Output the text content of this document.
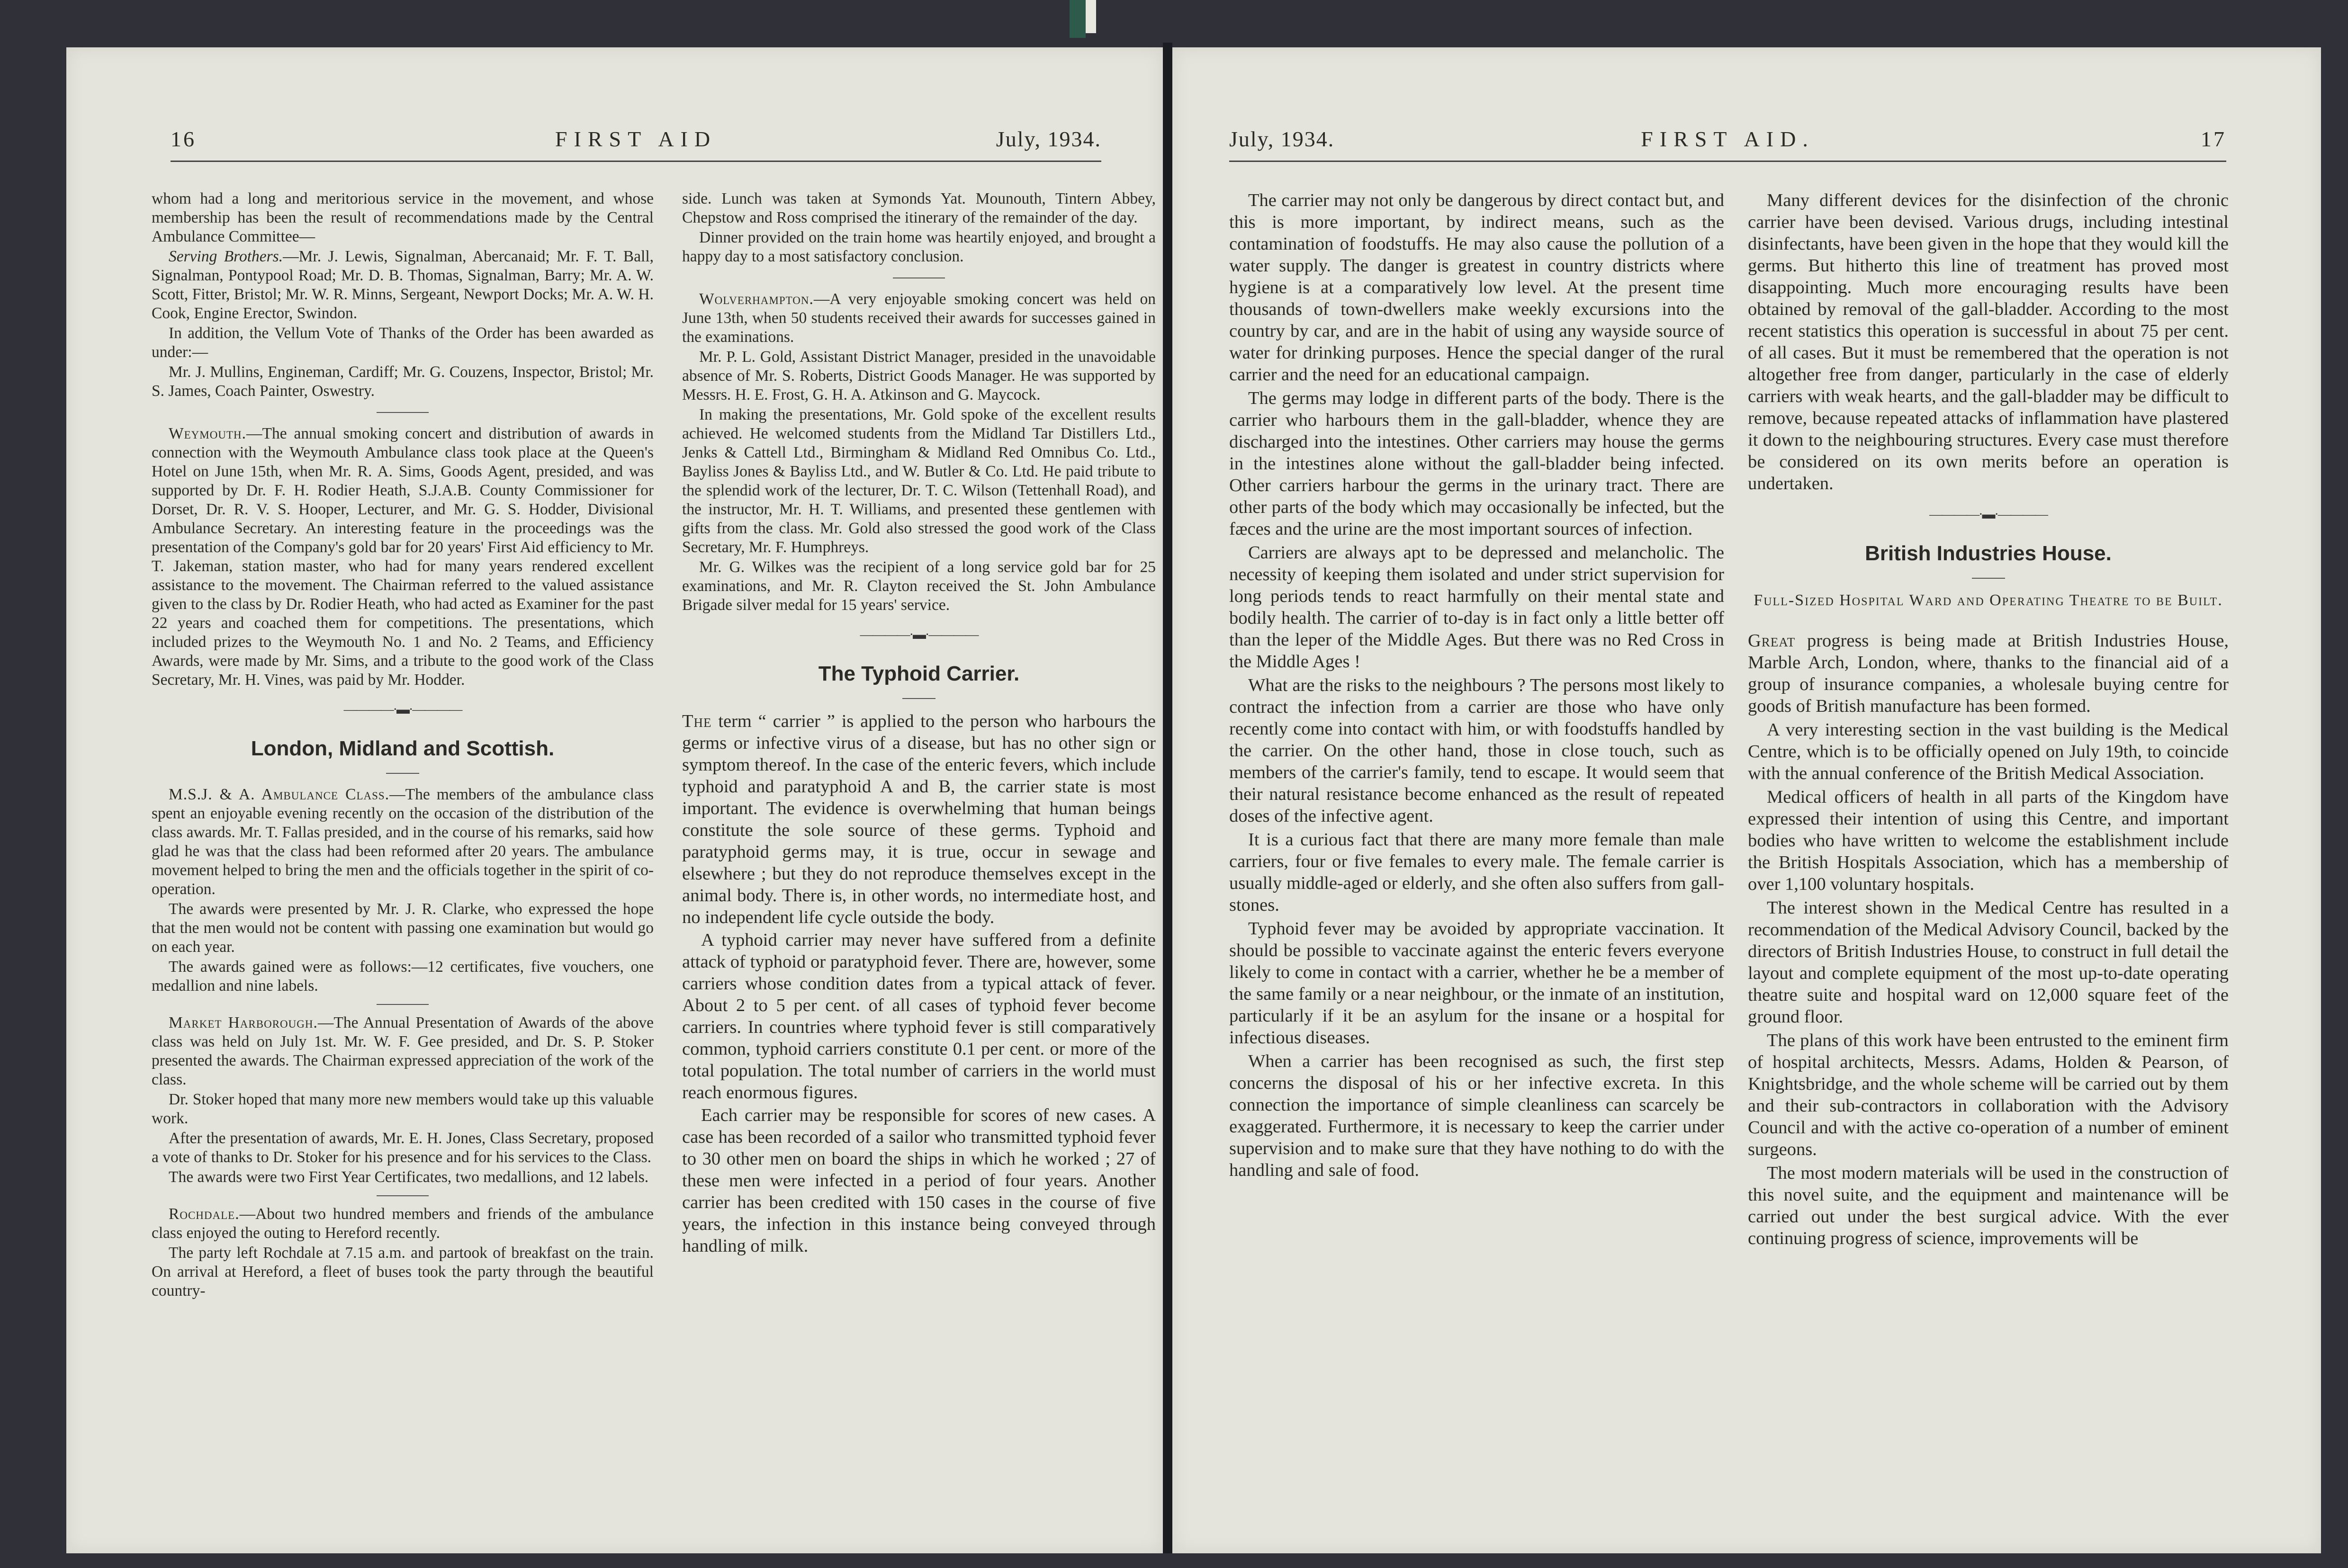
16	FIRST AID	July, 1934.

whom had a long and meritorious service in the movement, and whose membership has been the result of recommendations made by the Central Ambulance Committee—

Serving Brothers.—Mr. J. Lewis, Signalman, Abercanaid; Mr. F. T. Ball, Signalman, Pontypool Road; Mr. D. B. Thomas, Signalman, Barry; Mr. A. W. Scott, Fitter, Bristol; Mr. W. R. Minns, Sergeant, Newport Docks; Mr. A. W. H. Cook, Engine Erector, Swindon.

In addition, the Vellum Vote of Thanks of the Order has been awarded as under:—

Mr. J. Mullins, Engineman, Cardiff; Mr. G. Couzens, Inspector, Bristol; Mr. S. James, Coach Painter, Oswestry.

Weymouth.—The annual smoking concert and distribution of awards in connection with the Weymouth Ambulance class took place at the Queen's Hotel on June 15th, when Mr. R. A. Sims, Goods Agent, presided, and was supported by Dr. F. H. Rodier Heath, S.J.A.B. County Commissioner for Dorset, Dr. R. V. S. Hooper, Lecturer, and Mr. G. S. Hodder, Divisional Ambulance Secretary. An interesting feature in the proceedings was the presentation of the Company's gold bar for 20 years' First Aid efficiency to Mr. T. Jakeman, station master, who had for many years rendered excellent assistance to the movement. The Chairman referred to the valued assistance given to the class by Dr. Rodier Heath, who had acted as Examiner for the past 22 years and coached them for competitions. The presentations, which included prizes to the Weymouth No. 1 and No. 2 Teams, and Efficiency Awards, were made by Mr. Sims, and a tribute to the good work of the Class Secretary, Mr. H. Vines, was paid by Mr. Hodder.

————·▬·————
London, Midland and Scottish.

M.S.J. & A. Ambulance Class.—The members of the ambulance class spent an enjoyable evening recently on the occasion of the distribution of the class awards. Mr. T. Fallas presided, and in the course of his remarks, said how glad he was that the class had been reformed after 20 years. The ambulance movement helped to bring the men and the officials together in the spirit of co-operation.

The awards were presented by Mr. J. R. Clarke, who expressed the hope that the men would not be content with passing one examination but would go on each year.

The awards gained were as follows:—12 certificates, five vouchers, one medallion and nine labels.

Market Harborough.—The Annual Presentation of Awards of the above class was held on July 1st. Mr. W. F. Gee presided, and Dr. S. P. Stoker presented the awards. The Chairman expressed appreciation of the work of the class.

Dr. Stoker hoped that many more new members would take up this valuable work.

After the presentation of awards, Mr. E. H. Jones, Class Secretary, proposed a vote of thanks to Dr. Stoker for his presence and for his services to the Class.

The awards were two First Year Certificates, two medallions, and 12 labels.

Rochdale.—About two hundred members and friends of the ambulance class enjoyed the outing to Hereford recently.

The party left Rochdale at 7.15 a.m. and partook of breakfast on the train. On arrival at Hereford, a fleet of buses took the party through the beautiful country-

side. Lunch was taken at Symonds Yat. Mounouth, Tintern Abbey, Chepstow and Ross comprised the itinerary of the remainder of the day.

Dinner provided on the train home was heartily enjoyed, and brought a happy day to a most satisfactory conclusion.

Wolverhampton.—A very enjoyable smoking concert was held on June 13th, when 50 students received their awards for successes gained in the examinations.

Mr. P. L. Gold, Assistant District Manager, presided in the unavoidable absence of Mr. S. Roberts, District Goods Manager. He was supported by Messrs. H. E. Frost, G. H. A. Atkinson and G. Maycock.

In making the presentations, Mr. Gold spoke of the excellent results achieved. He welcomed students from the Midland Tar Distillers Ltd., Jenks & Cattell Ltd., Birmingham & Midland Red Omnibus Co. Ltd., Bayliss Jones & Bayliss Ltd., and W. Butler & Co. Ltd. He paid tribute to the splendid work of the lecturer, Dr. T. C. Wilson (Tettenhall Road), and the instructor, Mr. H. T. Williams, and presented these gentlemen with gifts from the class. Mr. Gold also stressed the good work of the Class Secretary, Mr. F. Humphreys.

Mr. G. Wilkes was the recipient of a long service gold bar for 25 examinations, and Mr. R. Clayton received the St. John Ambulance Brigade silver medal for 15 years' service.

————·▬·————
The Typhoid Carrier.

The term “ carrier ” is applied to the person who harbours the germs or infective virus of a disease, but has no other sign or symptom thereof. In the case of the enteric fevers, which include typhoid and paratyphoid A and B, the carrier state is most important. The evidence is overwhelming that human beings constitute the sole source of these germs. Typhoid and paratyphoid germs may, it is true, occur in sewage and elsewhere ; but they do not reproduce themselves except in the animal body. There is, in other words, no intermediate host, and no independent life cycle outside the body.

A typhoid carrier may never have suffered from a definite attack of typhoid or paratyphoid fever. There are, however, some carriers whose condition dates from a typical attack of fever. About 2 to 5 per cent. of all cases of typhoid fever become carriers. In countries where typhoid fever is still comparatively common, typhoid carriers constitute 0.1 per cent. or more of the total population. The total number of carriers in the world must reach enormous figures.

Each carrier may be responsible for scores of new cases. A case has been recorded of a sailor who transmitted typhoid fever to 30 other men on board the ships in which he worked ; 27 of these men were infected in a period of four years. Another carrier has been credited with 150 cases in the course of five years, the infection in this instance being conveyed through handling of milk.

July, 1934.	FIRST AID.	17

The carrier may not only be dangerous by direct contact but, and this is more important, by indirect means, such as the contamination of foodstuffs. He may also cause the pollution of a water supply. The danger is greatest in country districts where hygiene is at a comparatively low level. At the present time thousands of town-dwellers make weekly excursions into the country by car, and are in the habit of using any wayside source of water for drinking purposes. Hence the special danger of the rural carrier and the need for an educational campaign.

The germs may lodge in different parts of the body. There is the carrier who harbours them in the gall-bladder, whence they are discharged into the intestines. Other carriers may house the germs in the intestines alone without the gall-bladder being infected. Other carriers harbour the germs in the urinary tract. There are other parts of the body which may occasionally be infected, but the fæces and the urine are the most important sources of infection.

Carriers are always apt to be depressed and melancholic. The necessity of keeping them isolated and under strict supervision for long periods tends to react harmfully on their mental state and bodily health. The carrier of to-day is in fact only a little better off than the leper of the Middle Ages. But there was no Red Cross in the Middle Ages !

What are the risks to the neighbours ? The persons most likely to contract the infection from a carrier are those who have only recently come into contact with him, or with foodstuffs handled by the carrier. On the other hand, those in close touch, such as members of the carrier's family, tend to escape. It would seem that their natural resistance become enhanced as the result of repeated doses of the infective agent.

It is a curious fact that there are many more female than male carriers, four or five females to every male. The female carrier is usually middle-aged or elderly, and she often also suffers from gall-stones.

Typhoid fever may be avoided by appropriate vaccination. It should be possible to vaccinate against the enteric fevers everyone likely to come in contact with a carrier, whether he be a member of the same family or a near neighbour, or the inmate of an institution, particularly if it be an asylum for the insane or a hospital for infectious diseases.

When a carrier has been recognised as such, the first step concerns the disposal of his or her infective excreta. In this connection the importance of simple cleanliness can scarcely be exaggerated. Furthermore, it is necessary to keep the carrier under supervision and to make sure that they have nothing to do with the handling and sale of food.

Many different devices for the disinfection of the chronic carrier have been devised. Various drugs, including intestinal disinfectants, have been given in the hope that they would kill the germs. But hitherto this line of treatment has proved most disappointing. Much more encouraging results have been obtained by removal of the gall-bladder. According to the most recent statistics this operation is successful in about 75 per cent. of all cases. But it must be remembered that the operation is not altogether free from danger, particularly in the case of elderly carriers with weak hearts, and the gall-bladder may be difficult to remove, because repeated attacks of inflammation have plastered it down to the neighbouring structures. Every case must therefore be considered on its own merits before an operation is undertaken.

————·▬·————
British Industries House.
Full-Sized Hospital Ward and Operating Theatre to be Built.

Great progress is being made at British Industries House, Marble Arch, London, where, thanks to the financial aid of a group of insurance companies, a wholesale buying centre for goods of British manufacture has been formed.

A very interesting section in the vast building is the Medical Centre, which is to be officially opened on July 19th, to coincide with the annual conference of the British Medical Association.

Medical officers of health in all parts of the Kingdom have expressed their intention of using this Centre, and important bodies who have written to welcome the establishment include the British Hospitals Association, which has a membership of over 1,100 voluntary hospitals.

The interest shown in the Medical Centre has resulted in a recommendation of the Medical Advisory Council, backed by the directors of British Industries House, to construct in full detail the layout and complete equipment of the most up-to-date operating theatre suite and hospital ward on 12,000 square feet of the ground floor.

The plans of this work have been entrusted to the eminent firm of hospital architects, Messrs. Adams, Holden & Pearson, of Knightsbridge, and the whole scheme will be carried out by them and their sub-contractors in collaboration with the Advisory Council and with the active co-operation of a number of eminent surgeons.

The most modern materials will be used in the construction of this novel suite, and the equipment and maintenance will be carried out under the best surgical advice. With the ever continuing progress of science, improvements will be
